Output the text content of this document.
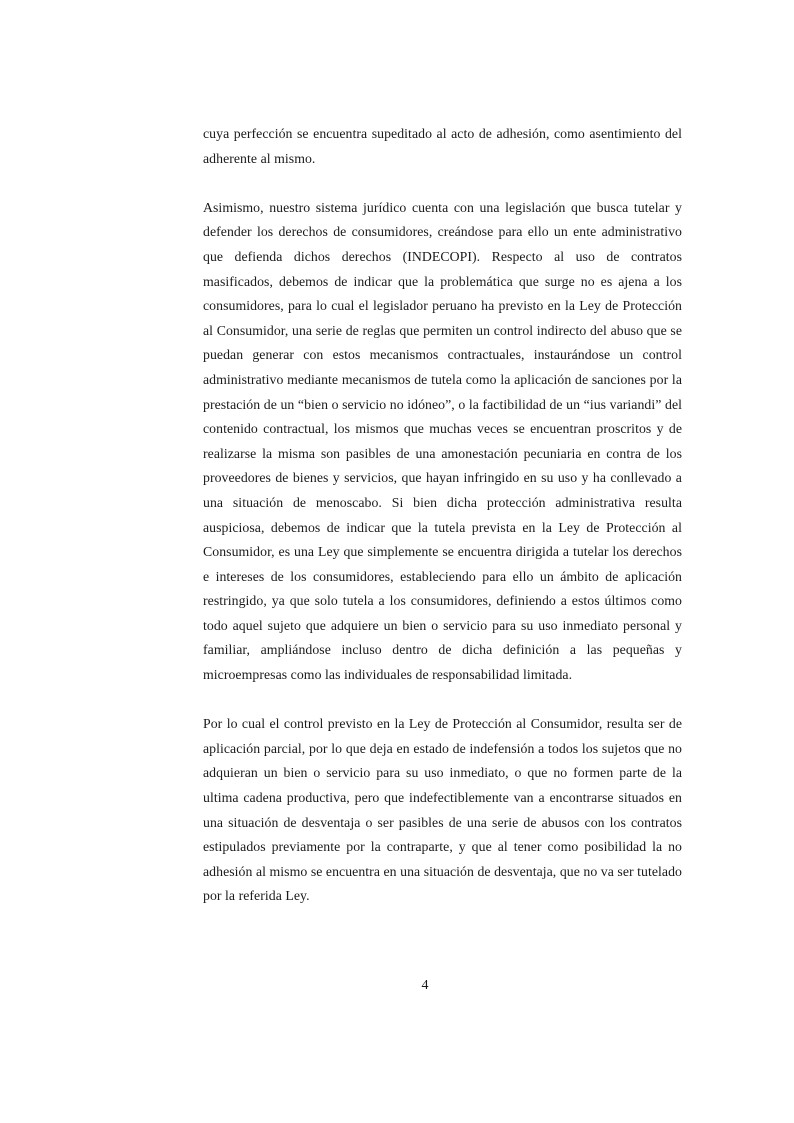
cuya perfección se encuentra supeditado al acto de adhesión, como asentimiento del adherente al mismo.

Asimismo, nuestro sistema jurídico cuenta con una legislación que busca tutelar y defender los derechos de consumidores, creándose para ello un ente administrativo que defienda dichos derechos (INDECOPI). Respecto al uso de contratos masificados, debemos de indicar que la problemática que surge no es ajena a los consumidores, para lo cual el legislador peruano ha previsto en la Ley de Protección al Consumidor, una serie de reglas que permiten un control indirecto del abuso que se puedan generar con estos mecanismos contractuales, instaurándose un control administrativo mediante mecanismos de tutela como la aplicación de sanciones por la prestación de un “bien o servicio no idóneo”, o la factibilidad de un “ius variandi” del contenido contractual, los mismos que muchas veces se encuentran proscritos y de realizarse la misma son pasibles de una amonestación pecuniaria en contra de los proveedores de bienes y servicios, que hayan infringido en su uso y ha conllevado a una situación de menoscabo. Si bien dicha protección administrativa resulta auspiciosa, debemos de indicar que la tutela prevista en la Ley de Protección al Consumidor, es una Ley que simplemente se encuentra dirigida a tutelar los derechos e intereses de los consumidores, estableciendo para ello un ámbito de aplicación restringido, ya que solo tutela a los consumidores, definiendo a estos últimos como todo aquel sujeto que adquiere un bien o servicio para su uso inmediato personal y familiar, ampliándose incluso dentro de dicha definición a las pequeñas y microempresas como las individuales de responsabilidad limitada.

Por lo cual el control previsto en la Ley de Protección al Consumidor, resulta ser de aplicación parcial, por lo que deja en estado de indefensión a todos los sujetos que no adquieran un bien o servicio para su uso inmediato, o que no formen parte de la ultima cadena productiva, pero que indefectiblemente van a encontrarse situados en una situación de desventaja o ser pasibles de una serie de abusos con los contratos estipulados previamente por la contraparte, y que al tener como posibilidad la no adhesión al mismo se encuentra en una situación de desventaja, que no va ser tutelado por la referida Ley.

4
